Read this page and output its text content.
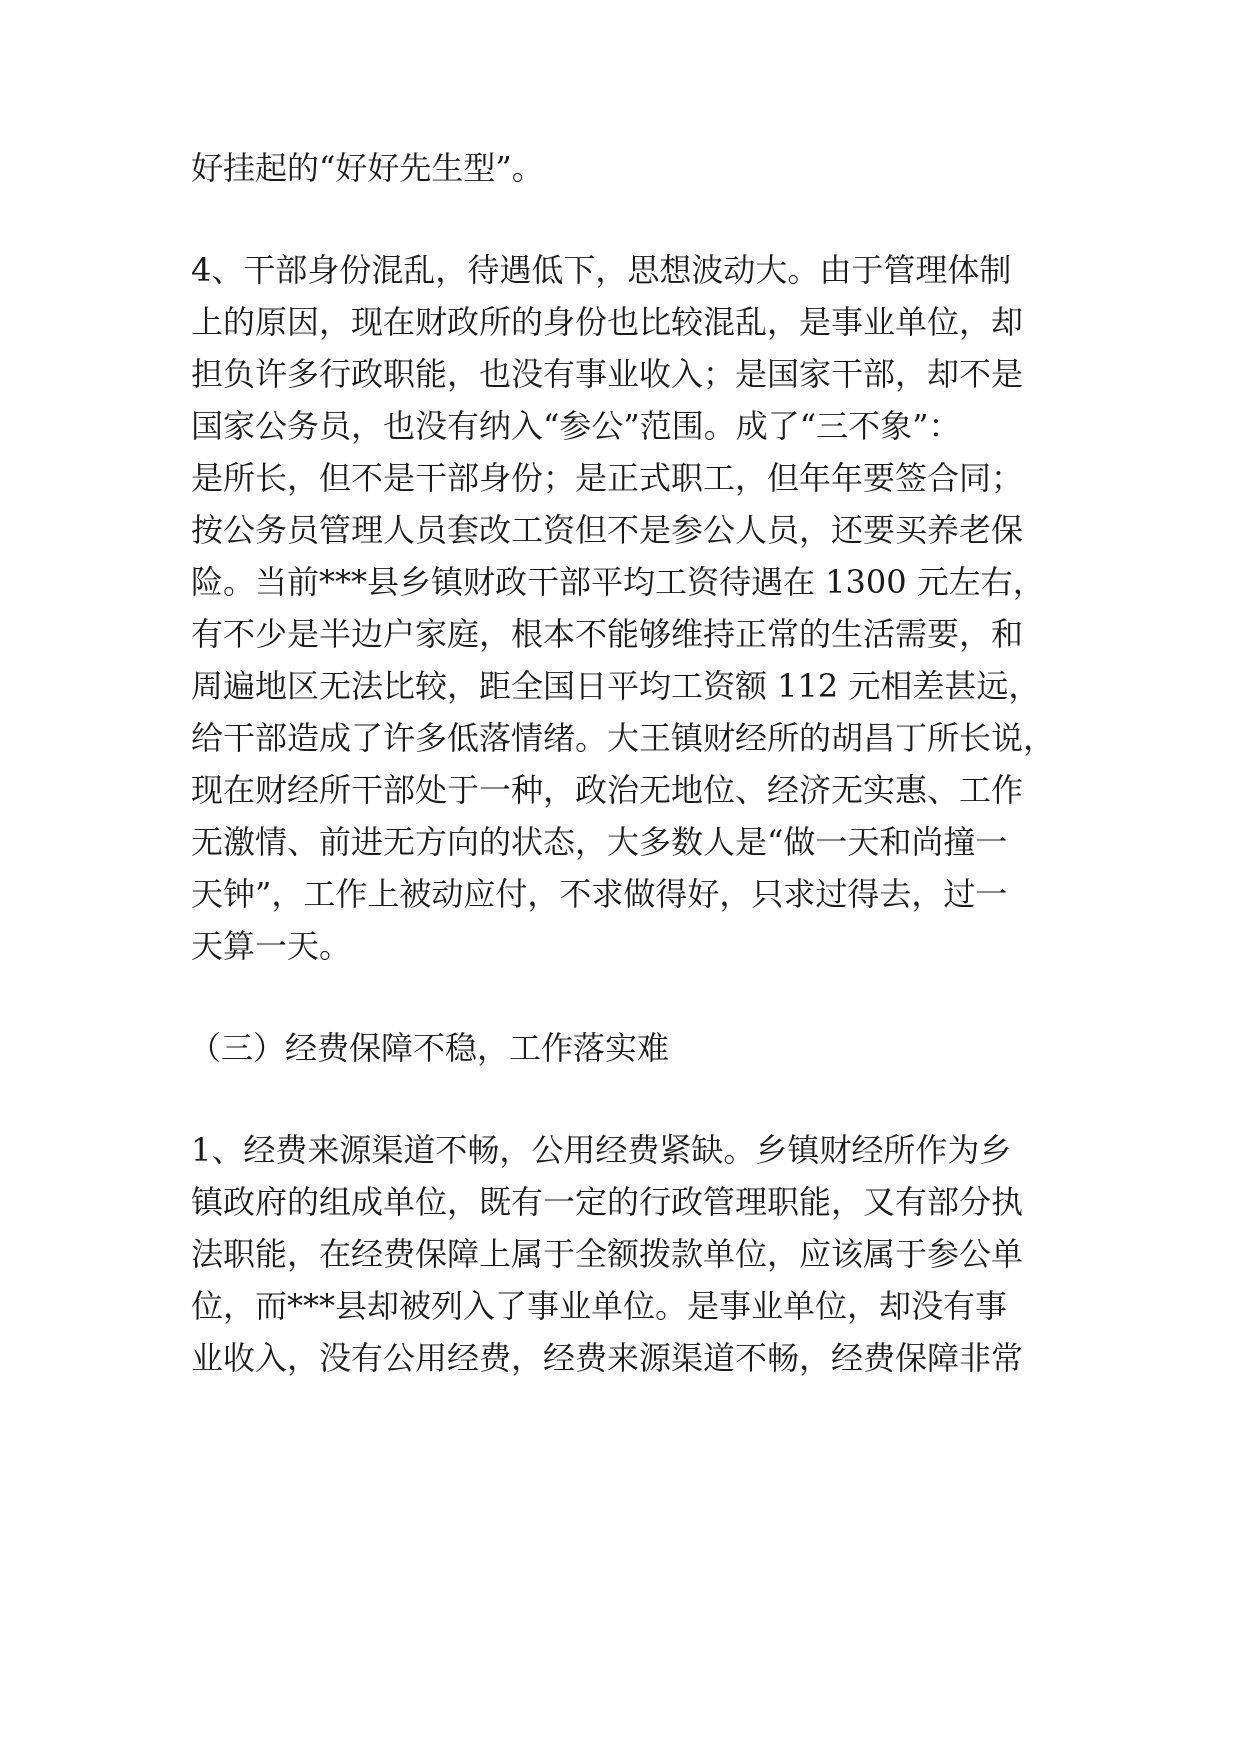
好挂起的“好好先生型”。
4、干部身份混乱，待遇低下，思想波动大。由于管理体制
上的原因，现在财政所的身份也比较混乱，是事业单位，却
担负许多行政职能，也没有事业收入；是国家干部，却不是
国家公务员，也没有纳入“参公”范围。成了“三不象”：
是所长，但不是干部身份；是正式职工，但年年要签合同；
按公务员管理人员套改工资但不是参公人员，还要买养老保
险。当前***县乡镇财政干部平均工资待遇在 1300 元左右，
有不少是半边户家庭，根本不能够维持正常的生活需要，和
周遍地区无法比较，距全国日平均工资额 112 元相差甚远，
给干部造成了许多低落情绪。大王镇财经所的胡昌丁所长说，
现在财经所干部处于一种，政治无地位、经济无实惠、工作
无激情、前进无方向的状态，大多数人是“做一天和尚撞一
天钟”，工作上被动应付，不求做得好，只求过得去，过一
天算一天。
（三）经费保障不稳，工作落实难
1、经费来源渠道不畅，公用经费紧缺。乡镇财经所作为乡
镇政府的组成单位，既有一定的行政管理职能，又有部分执
法职能，在经费保障上属于全额拨款单位，应该属于参公单
位，而***县却被列入了事业单位。是事业单位，却没有事
业收入，没有公用经费，经费来源渠道不畅，经费保障非常
